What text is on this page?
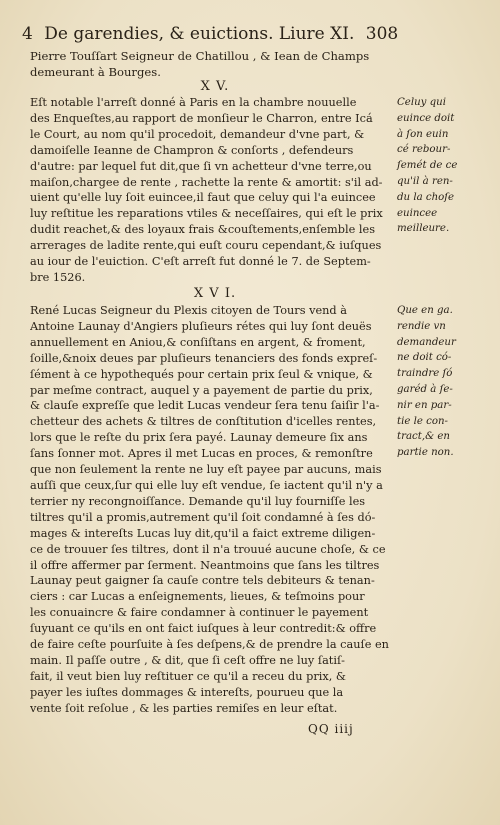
4 De garendies, & euictions. Liure XI. 308

Pierre Touſſart Seigneur de Chatillou , & Iean de Champs

demeurant à Bourges.

X V.

Eſt notable l'arreſt donné à Paris en la chambre nouuelle

des Enqueſtes,au rapport de monſieur le Charron, entre Icá

le Court, au nom qu'il procedoit, demandeur d'vne part, &

damoiſelle Ieanne de Champron & conſorts , defendeurs

d'autre: par lequel fut dit,que ſi vn achetteur d'vne terre,ou

maiſon,chargee de rente , rachette la rente & amortit: s'il ad-

uient qu'elle luy ſoit euincee,il faut que celuy qui l'a euincee

luy reſtitue les reparations vtiles & neceſſaires, qui eſt le prix

dudit reachet,& des loyaux frais &couſtements,enſemble les

arrerages de ladite rente,qui euſt couru cependant,& iuſques

au iour de l'euiction. C'eſt arreſt fut donné le 7. de Septem-

bre 1526.

Celuy qui

euince doit

à ſon euin

cé rebour-

ſemét de ce

qu'il à ren-

du la choſe

euincee

meilleure.

X V I.

René Lucas Seigneur du Plexis citoyen de Tours vend à

Antoine Launay d'Angiers pluſieurs rétes qui luy ſont deuës

annuellement en Aniou,& conſiſtans en argent, & froment,

ſoille,&noix deues par pluſieurs tenanciers des fonds expreſ-

ſément à ce hypothequés pour certain prix ſeul & vnique, &

par meſme contract, auquel y a payement de partie du prix,

& clauſe expreſſe que ledit Lucas vendeur ſera tenu ſaiſir l'a-

chetteur des achets & tiltres de conſtitution d'icelles rentes,

lors que le reſte du prix ſera payé. Launay demeure ſix ans

ſans ſonner mot. Apres il met Lucas en proces, & remonſtre

que non ſeulement la rente ne luy eſt payee par aucuns, mais

auſſi que ceux,ſur qui elle luy eſt vendue, ſe iactent qu'il n'y a

terrier ny recongnoiſſance. Demande qu'il luy fourniſſe les

tiltres qu'il a promis,autrement qu'il ſoit condamné à ſes dó-

mages & intereſts Lucas luy dit,qu'il a faict extreme diligen-

ce de trouuer ſes tiltres, dont il n'a trouué aucune choſe, & ce

il offre affermer par ſerment. Neantmoins que ſans les tiltres

Launay peut gaigner ſa cauſe contre tels debiteurs & tenan-

ciers : car Lucas a enſeignements, lieues, & teſmoins pour

les conuaincre & faire condamner à continuer le payement

ſuyuant ce qu'ils en ont faict iuſques à leur contredit:& offre

de faire ceſte pourſuite à ſes deſpens,& de prendre la cauſe en

main. Il paſſe outre , & dit, que ſi ceſt offre ne luy ſatiſ-

fait, il veut bien luy reſtituer ce qu'il a receu du prix, &

payer les iuſtes dommages & intereſts, pourueu que la

vente ſoit reſolue , & les parties remiſes en leur eſtat.

Que en ga.

rendie vn

demandeur

ne doit có-

traindre ſó

garéd à ſe-

nir en par-

tie le con-

tract,& en

partie non.

QQ iiij
